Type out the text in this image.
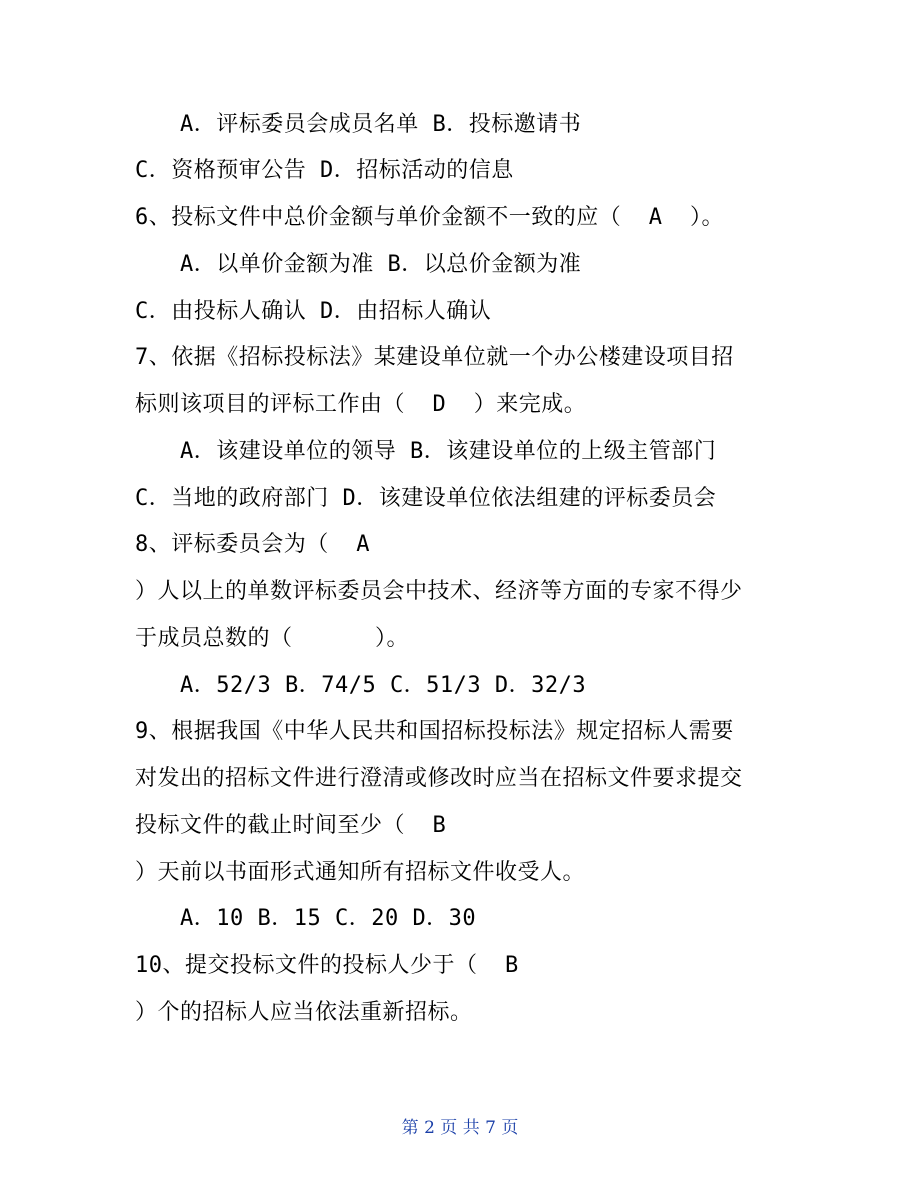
A．评标委员会成员名单 B．投标邀请书
C．资格预审公告 D．招标活动的信息
6、投标文件中总价金额与单价金额不一致的应（  A  ）。
A．以单价金额为准 B．以总价金额为准
C．由投标人确认 D．由招标人确认
7、依据《招标投标法》某建设单位就一个办公楼建设项目招
标则该项目的评标工作由（  D  ）来完成。
A．该建设单位的领导 B．该建设单位的上级主管部门
C．当地的政府部门 D．该建设单位依法组建的评标委员会
8、评标委员会为（  A
）人以上的单数评标委员会中技术、经济等方面的专家不得少
于成员总数的（      ）。
A．52/3 B．74/5 C．51/3 D．32/3
9、根据我国《中华人民共和国招标投标法》规定招标人需要
对发出的招标文件进行澄清或修改时应当在招标文件要求提交
投标文件的截止时间至少（  B
）天前以书面形式通知所有招标文件收受人。
A．10 B．15 C．20 D．30
10、提交投标文件的投标人少于（  B
）个的招标人应当依法重新招标。
第 2 页 共 7 页
